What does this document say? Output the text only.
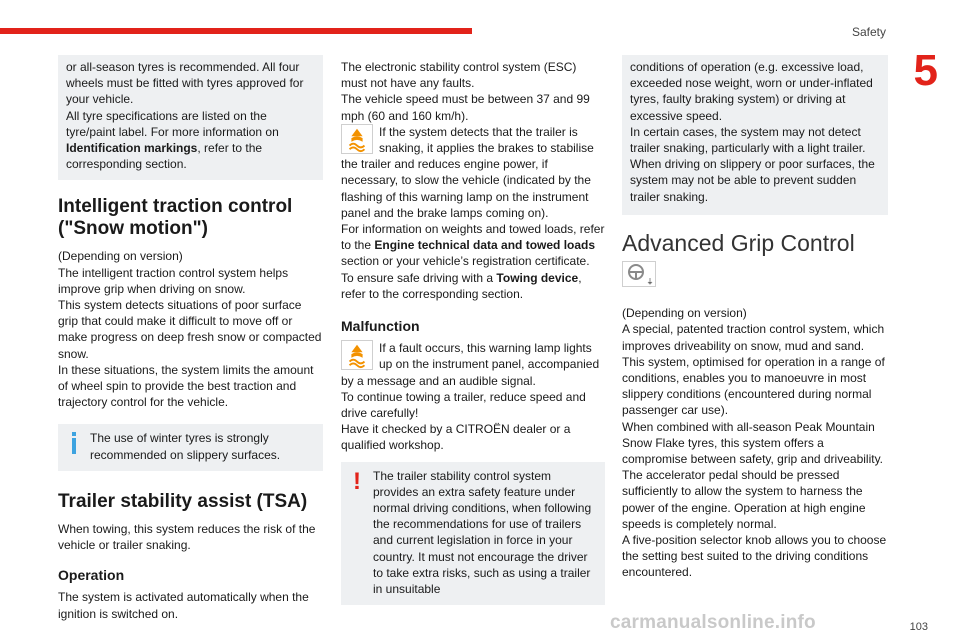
Safety
5
103
carmanualsonline.info
or all-season tyres is recommended. All four wheels must be fitted with tyres approved for your vehicle.
All tyre specifications are listed on the tyre/paint label. For more information on Identification markings, refer to the corresponding section.
Intelligent traction control
("Snow motion")
(Depending on version)
The intelligent traction control system helps improve grip when driving on snow.
This system detects situations of poor surface grip that could make it difficult to move off or make progress on deep fresh snow or compacted snow.
In these situations, the system limits the amount of wheel spin to provide the best traction and trajectory control for the vehicle.
The use of winter tyres is strongly recommended on slippery surfaces.
Trailer stability assist (TSA)
When towing, this system reduces the risk of the vehicle or trailer snaking.
Operation
The system is activated automatically when the ignition is switched on.
The electronic stability control system (ESC) must not have any faults.
The vehicle speed must be between 37 and 99 mph (60 and 160 km/h).
If the system detects that the trailer is snaking, it applies the brakes to stabilise the trailer and reduces engine power, if necessary, to slow the vehicle (indicated by the flashing of this warning lamp on the instrument panel and the brake lamps coming on).
For information on weights and towed loads, refer to the Engine technical data and towed loads section or your vehicle’s registration certificate.
To ensure safe driving with a Towing device, refer to the corresponding section.
Malfunction
If a fault occurs, this warning lamp lights up on the instrument panel, accompanied by a message and an audible signal.
To continue towing a trailer, reduce speed and drive carefully!
Have it checked by a CITROËN dealer or a qualified workshop.
! The trailer stability control system provides an extra safety feature under normal driving conditions, when following the recommendations for use of trailers and current legislation in force in your country. It must not encourage the driver to take extra risks, such as using a trailer in unsuitable
conditions of operation (e.g. excessive load, exceeded nose weight, worn or under-inflated tyres, faulty braking system) or driving at excessive speed.
In certain cases, the system may not detect trailer snaking, particularly with a light trailer.
When driving on slippery or poor surfaces, the system may not be able to prevent sudden trailer snaking.
Advanced Grip Control
(Depending on version)
A special, patented traction control system, which improves driveability on snow, mud and sand.
This system, optimised for operation in a range of conditions, enables you to manoeuvre in most slippery conditions (encountered during normal passenger car use).
When combined with all-season Peak Mountain Snow Flake tyres, this system offers a compromise between safety, grip and driveability.
The accelerator pedal should be pressed sufficiently to allow the system to harness the power of the engine. Operation at high engine speeds is completely normal.
A five-position selector knob allows you to choose the setting best suited to the driving conditions encountered.
